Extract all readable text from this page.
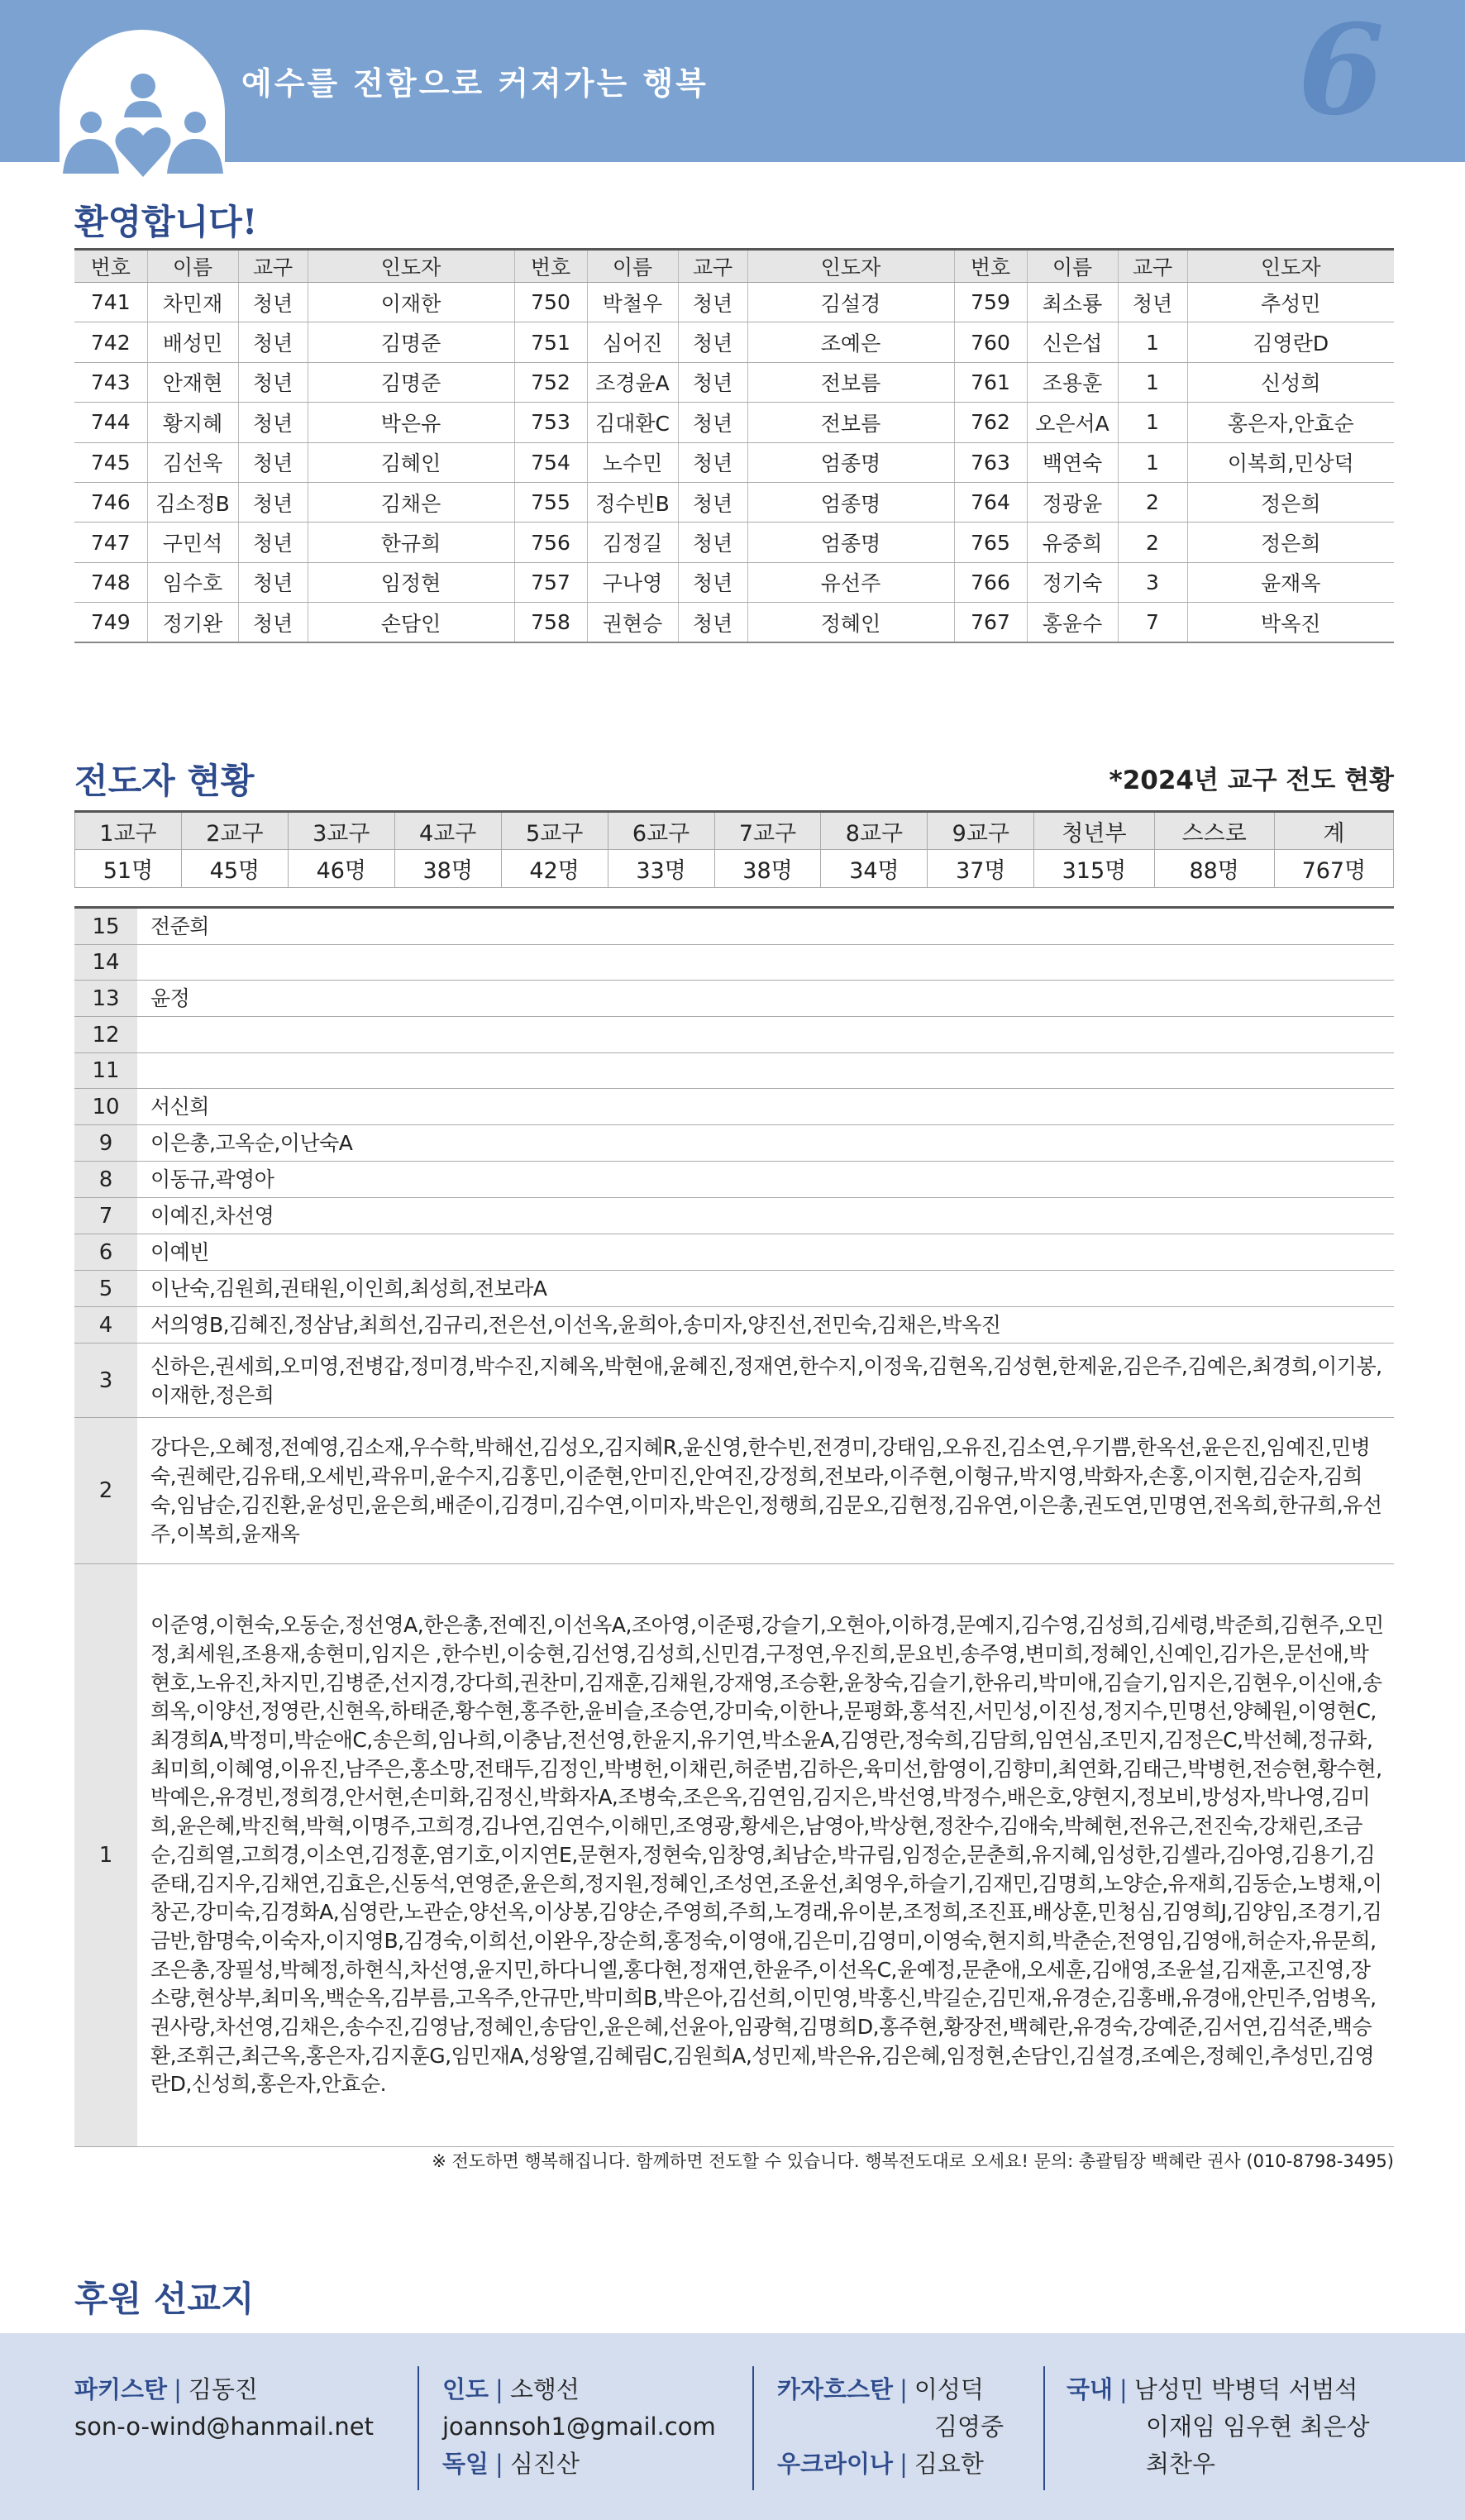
예수를 전함으로 커져가는 행복	6
환영합니다!
번호	이름	교구	인도자	번호	이름	교구	인도자	번호	이름	교구	인도자
741	차민재	청년	이재한	750	박철우	청년	김설경	759	최소룡	청년	추성민
742	배성민	청년	김명준	751	심어진	청년	조예은	760	신은섭	1	김영란D
743	안재현	청년	김명준	752	조경윤A	청년	전보름	761	조용훈	1	신성희
744	황지혜	청년	박은유	753	김대환C	청년	전보름	762	오은서A	1	홍은자,안효순
745	김선욱	청년	김혜인	754	노수민	청년	엄종명	763	백연숙	1	이복희,민상덕
746	김소정B	청년	김채은	755	정수빈B	청년	엄종명	764	정광윤	2	정은희
747	구민석	청년	한규희	756	김정길	청년	엄종명	765	유중희	2	정은희
748	임수호	청년	임정현	757	구나영	청년	유선주	766	정기숙	3	윤재옥
749	정기완	청년	손담인	758	권현승	청년	정혜인	767	홍윤수	7	박옥진
전도자 현황	*2024년 교구 전도 현황
1교구	2교구	3교구	4교구	5교구	6교구	7교구	8교구	9교구	청년부	스스로	계
51명	45명	46명	38명	42명	33명	38명	34명	37명	315명	88명	767명
15	전준희
14	
13	윤정
12	
11	
10	서신희
9	이은총,고옥순,이난숙A
8	이동규,곽영아
7	이예진,차선영
6	이예빈
5	이난숙,김원희,권태원,이인희,최성희,전보라A
4	서의영B,김혜진,정삼남,최희선,김규리,전은선,이선옥,윤희아,송미자,양진선,전민숙,김채은,박옥진
3	신하은,권세희,오미영,전병갑,정미경,박수진,지혜옥,박현애,윤혜진,정재연,한수지,이정욱,김현옥,김성현,한제윤,김은주,김예은,최경희,이기봉,이재한,정은희
2	강다은,오혜정,전예영,김소재,우수학,박해선,김성오,김지혜R,윤신영,한수빈,전경미,강태임,오유진,김소연,우기쁨,한옥선,윤은진,임예진,민병숙,권혜란,김유태,오세빈,곽유미,윤수지,김홍민,이준현,안미진,안여진,강정희,전보라,이주현,이형규,박지영,박화자,손홍,이지현,김순자,김희숙,임남순,김진환,윤성민,윤은희,배준이,김경미,김수연,이미자,박은인,정행희,김문오,김현정,김유연,이은총,권도연,민명연,전옥희,한규희,유선주,이복희,윤재옥
1	이준영,이현숙,오동순,정선영A,한은총,전예진,이선옥A,조아영,이준평,강슬기,오현아,이하경,문예지,김수영,김성희,김세령,박준희,김현주,오민정,최세원,조용재,송현미,임지은 ,한수빈,이숭현,김선영,김성희,신민겸,구정연,우진희,문요빈,송주영,변미희,정혜인,신예인,김가은,문선애,박현호,노유진,차지민,김병준,선지경,강다희,권찬미,김재훈,김채원,강재영,조승환,윤창숙,김슬기,한유리,박미애,김슬기,임지은,김현우,이신애,송희옥,이양선,정영란,신현옥,하태준,황수현,홍주한,윤비슬,조승연,강미숙,이한나,문평화,홍석진,서민성,이진성,정지수,민명선,양혜원,이영현C,최경희A,박정미,박순애C,송은희,임나희,이충남,전선영,한윤지,유기연,박소윤A,김영란,정숙희,김담희,임연심,조민지,김정은C,박선혜,정규화,최미희,이혜영,이유진,남주은,홍소망,전태두,김정인,박병헌,이채린,허준범,김하은,육미선,함영이,김향미,최연화,김태근,박병헌,전승현,황수현,박예은,유경빈,정희경,안서현,손미화,김정신,박화자A,조병숙,조은옥,김연임,김지은,박선영,박정수,배은호,양현지,정보비,방성자,박나영,김미희,윤은혜,박진혁,박혁,이명주,고희경,김나연,김연수,이해민,조영광,황세은,남영아,박상현,정찬수,김애숙,박혜현,전유근,전진숙,강채린,조금순,김희열,고희경,이소연,김정훈,염기호,이지연E,문현자,정현숙,임창영,최남순,박규림,임정순,문춘희,유지혜,임성한,김셀라,김아영,김용기,김준태,김지우,김채연,김효은,신동석,연영준,윤은희,정지원,정혜인,조성연,조윤선,최영우,하슬기,김재민,김명희,노양순,유재희,김동순,노병채,이창곤,강미숙,김경화A,심영란,노관순,양선옥,이상봉,김양순,주영희,주희,노경래,유이분,조정희,조진표,배상훈,민청심,김영희J,김양임,조경기,김금반,함명숙,이숙자,이지영B,김경숙,이희선,이완우,장순희,홍정숙,이영애,김은미,김영미,이영숙,현지희,박춘순,전영임,김영애,허순자,유문희,조은총,장필성,박혜정,하현식,차선영,윤지민,하다니엘,홍다현,정재연,한윤주,이선옥C,윤예정,문춘애,오세훈,김애영,조윤설,김재훈,고진영,장소량,현상부,최미옥,백순옥,김부름,고옥주,안규만,박미희B,박은아,김선희,이민영,박홍신,박길순,김민재,유경순,김홍배,유경애,안민주,엄병옥,권사랑,차선영,김채은,송수진,김영남,정혜인,송담인,윤은혜,선윤아,임광혁,김명희D,홍주현,황장전,백혜란,유경숙,강예준,김서연,김석준,백승환,조휘근,최근옥,홍은자,김지훈G,임민재A,성왕열,김혜림C,김원희A,성민제,박은유,김은혜,임정현,손담인,김설경,조예은,정혜인,추성민,김영란D,신성희,홍은자,안효순.
※ 전도하면 행복해집니다. 함께하면 전도할 수 있습니다. 행복전도대로 오세요! 문의: 총괄팀장 백혜란 권사 (010-8798-3495)
후원 선교지
파키스탄 | 김동진
son-o-wind@hanmail.net
인도 | 소행선
joannsoh1@gmail.com
독일 | 심진산
카자흐스탄 | 이성덕
김영중
우크라이나 | 김요한
국내 | 남성민 박병덕 서범석
이재임 임우현 최은상
최찬우
